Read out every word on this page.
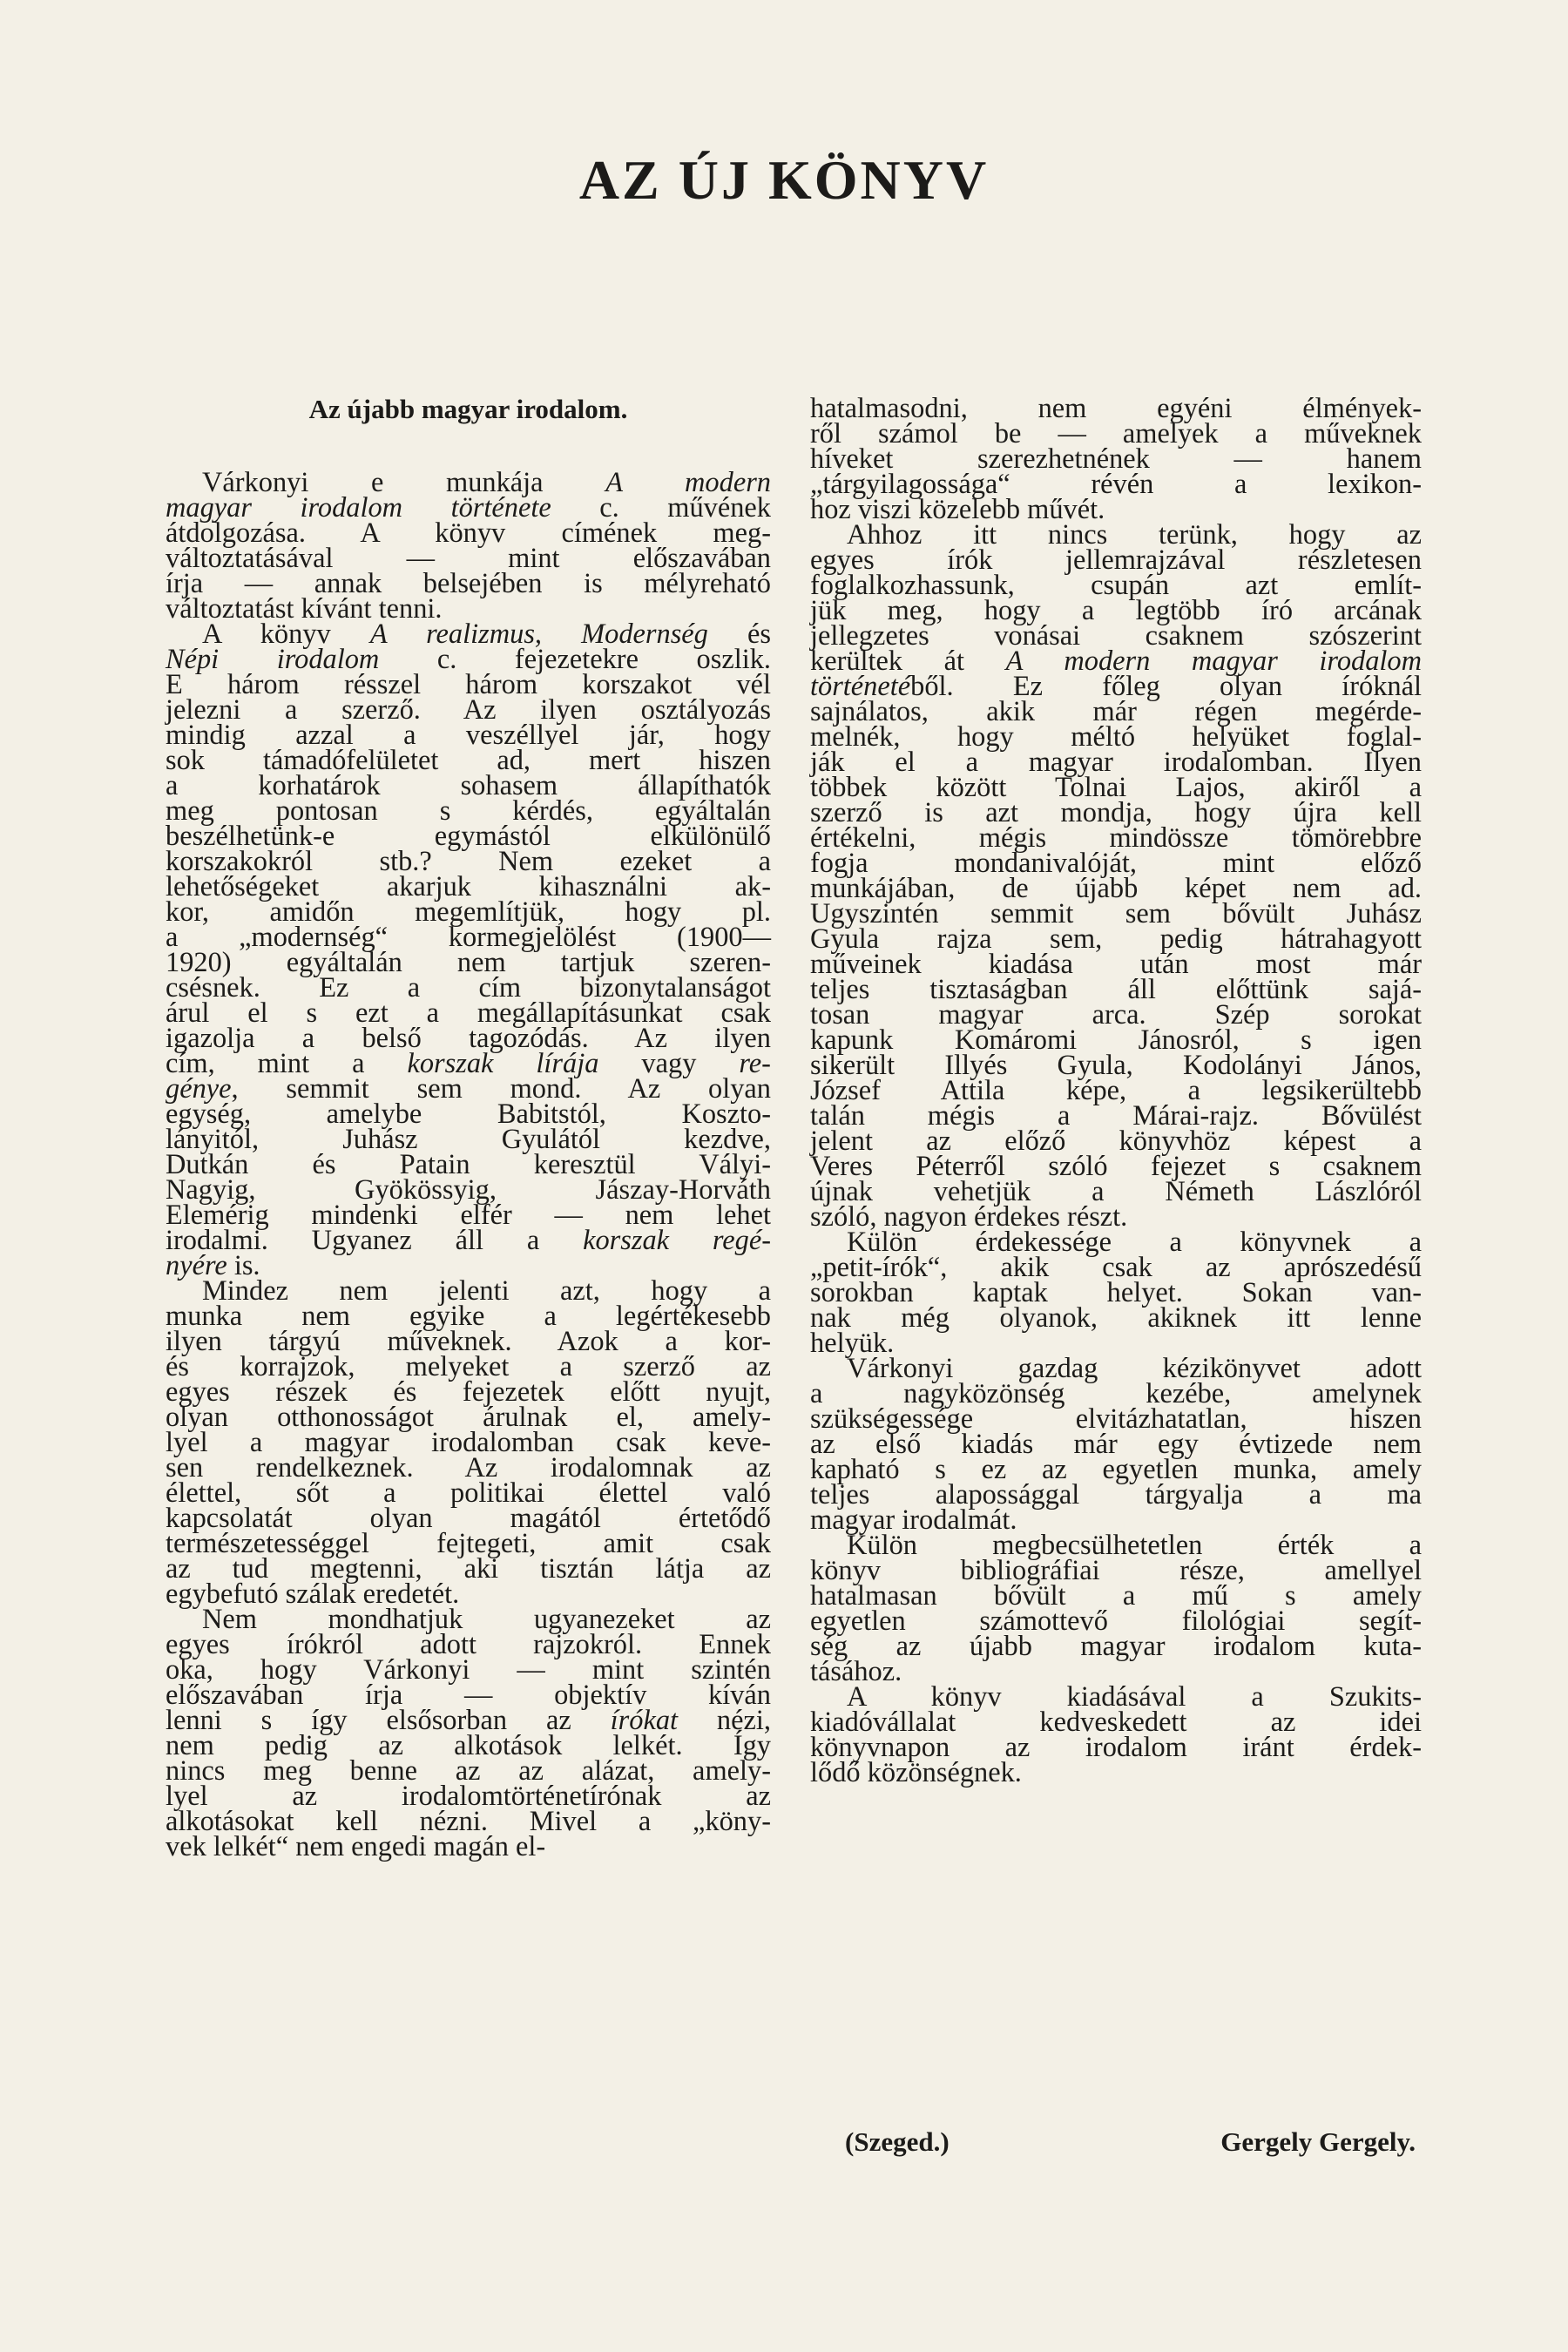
AZ ÚJ KÖNYV
Az újabb magyar irodalom.
Várkonyi e munkája A modern
magyar irodalom története c. művének
átdolgozása. A könyv címének meg-
változtatásával — mint előszavában
írja — annak belsejében is mélyreható
változtatást kívánt tenni.
A könyv A realizmus, Modernség és
Népi irodalom c. fejezetekre oszlik.
E három résszel három korszakot vél
jelezni a szerző. Az ilyen osztályozás
mindig azzal a veszéllyel jár, hogy
sok támadófelületet ad, mert hiszen
a korhatárok sohasem állapíthatók
meg pontosan s kérdés, egyáltalán
beszélhetünk-e egymástól elkülönülő
korszakokról stb.? Nem ezeket a
lehetőségeket akarjuk kihasználni ak-
kor, amidőn megemlítjük, hogy pl.
a „modernség“ kormegjelölést (1900—
1920) egyáltalán nem tartjuk szeren-
csésnek. Ez a cím bizonytalanságot
árul el s ezt a megállapításunkat csak
igazolja a belső tagozódás. Az ilyen
cím, mint a korszak lírája vagy re-
génye, semmit sem mond. Az olyan
egység, amelybe Babitstól, Koszto-
lányitól, Juhász Gyulától kezdve,
Dutkán és Patain keresztül Vályi-
Nagyig, Gyökössyig, Jászay-Horváth
Elemérig mindenki elfér — nem lehet
irodalmi. Ugyanez áll a korszak regé-
nyére is.
Mindez nem jelenti azt, hogy a
munka nem egyike a legértékesebb
ilyen tárgyú műveknek. Azok a kor-
és korrajzok, melyeket a szerző az
egyes részek és fejezetek előtt nyujt,
olyan otthonosságot árulnak el, amely-
lyel a magyar irodalomban csak keve-
sen rendelkeznek. Az irodalomnak az
élettel, sőt a politikai élettel való
kapcsolatát olyan magától értetődő
természetességgel fejtegeti, amit csak
az tud megtenni, aki tisztán látja az
egybefutó szálak eredetét.
Nem mondhatjuk ugyanezeket az
egyes írókról adott rajzokról. Ennek
oka, hogy Várkonyi — mint szintén
előszavában írja — objektív kíván
lenni s így elsősorban az írókat nézi,
nem pedig az alkotások lelkét. Így
nincs meg benne az az alázat, amely-
lyel az irodalomtörténetírónak az
alkotásokat kell nézni. Mivel a „köny-
vek lelkét“ nem engedi magán el-
hatalmasodni, nem egyéni élmények-
ről számol be — amelyek a műveknek
híveket szerezhetnének — hanem
„tárgyilagossága“ révén a lexikon-
hoz viszi közelebb művét.
Ahhoz itt nincs terünk, hogy az
egyes írók jellemrajzával részletesen
foglalkozhassunk, csupán azt említ-
jük meg, hogy a legtöbb író arcának
jellegzetes vonásai csaknem szószerint
kerültek át A modern magyar irodalom
történetéből. Ez főleg olyan íróknál
sajnálatos, akik már régen megérde-
melnék, hogy méltó helyüket foglal-
ják el a magyar irodalomban. Ilyen
többek között Tolnai Lajos, akiről a
szerző is azt mondja, hogy újra kell
értékelni, mégis mindössze tömörebbre
fogja mondanivalóját, mint előző
munkájában, de újabb képet nem ad.
Ugyszintén semmit sem bővült Juhász
Gyula rajza sem, pedig hátrahagyott
műveinek kiadása után most már
teljes tisztaságban áll előttünk sajá-
tosan magyar arca. Szép sorokat
kapunk Komáromi Jánosról, s igen
sikerült Illyés Gyula, Kodolányi János,
József Attila képe, a legsikerültebb
talán mégis a Márai-rajz. Bővülést
jelent az előző könyvhöz képest a
Veres Péterről szóló fejezet s csaknem
újnak vehetjük a Németh Lászlóról
szóló, nagyon érdekes részt.
Külön érdekessége a könyvnek a
„petit-írók“, akik csak az aprószedésű
sorokban kaptak helyet. Sokan van-
nak még olyanok, akiknek itt lenne
helyük.
Várkonyi gazdag kézikönyvet adott
a nagyközönség kezébe, amelynek
szükségessége elvitázhatatlan, hiszen
az első kiadás már egy évtizede nem
kapható s ez az egyetlen munka, amely
teljes alapossággal tárgyalja a ma
magyar irodalmát.
Külön megbecsülhetetlen érték a
könyv bibliográfiai része, amellyel
hatalmasan bővült a mű s amely
egyetlen számottevő filológiai segít-
ség az újabb magyar irodalom kuta-
tásához.
A könyv kiadásával a Szukits-
kiadóvállalat kedveskedett az idei
könyvnapon az irodalom iránt érdek-
lődő közönségnek.
(Szeged.)	Gergely Gergely.
